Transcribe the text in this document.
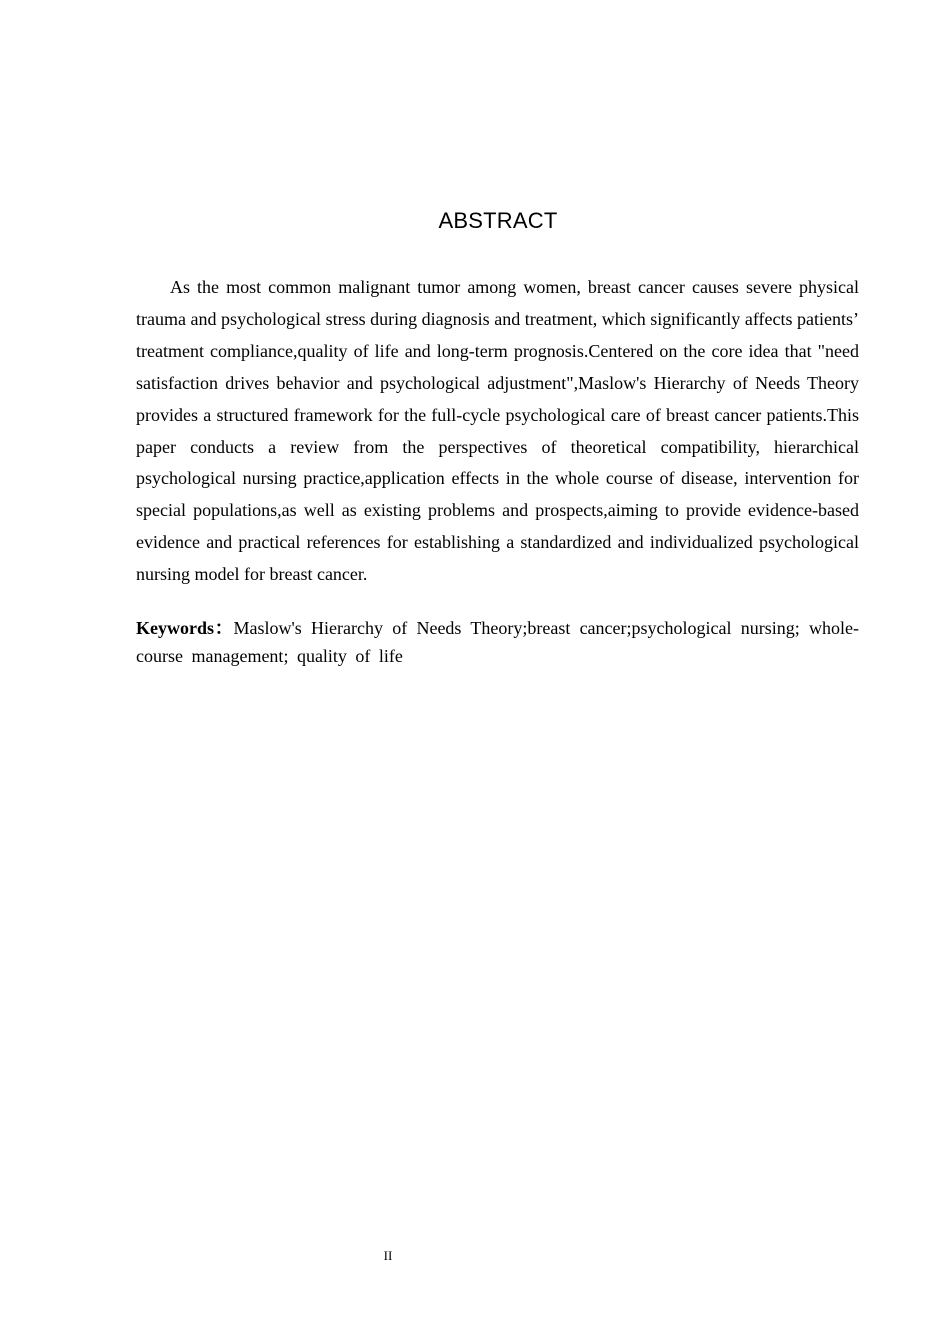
ABSTRACT

As the most common malignant tumor among women, breast cancer causes severe physical trauma and psychological stress during diagnosis and treatment, which significantly affects patients’ treatment compliance,quality of life and long-term prognosis.Centered on the core idea that "need satisfaction drives behavior and psychological adjustment",Maslow's Hierarchy of Needs Theory provides a structured framework for the full-cycle psychological care of breast cancer patients.This paper conducts a review from the perspectives of theoretical compatibility, hierarchical psychological nursing practice,application effects in the whole course of disease, intervention for special populations,as well as existing problems and prospects,aiming to provide evidence-based evidence and practical references for establishing a standardized and individualized psychological nursing model for breast cancer.

Keywords：Maslow's Hierarchy of Needs Theory;breast cancer;psychological nursing; whole-course management; quality of life

II
